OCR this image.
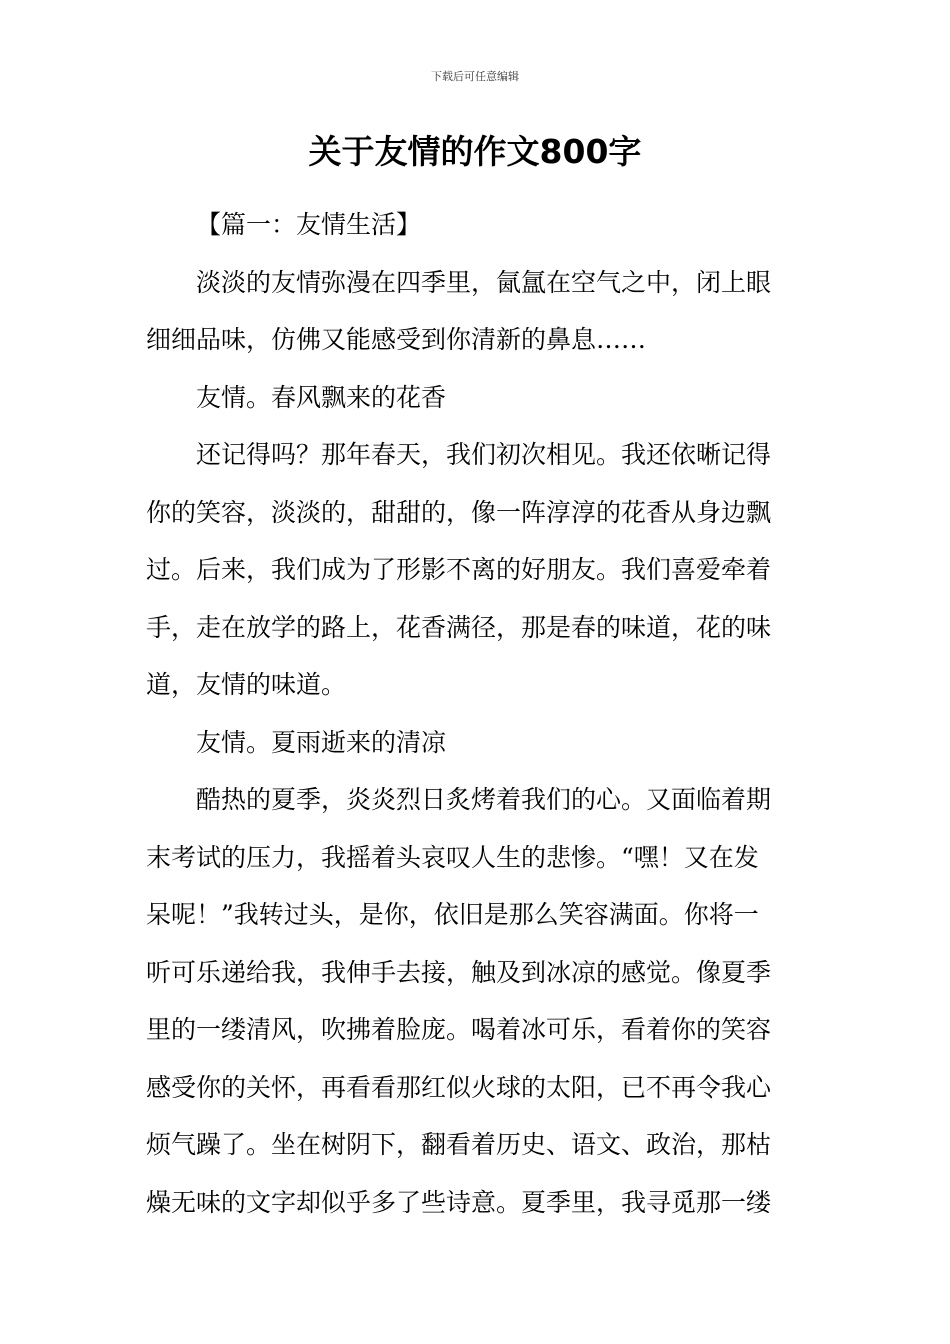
下载后可任意编辑
关于友情的作文800字
【篇一：友情生活】
淡淡的友情弥漫在四季里，氤氲在空气之中，闭上眼
细细品味，仿佛又能感受到你清新的鼻息……
友情。春风飘来的花香
还记得吗？那年春天，我们初次相见。我还依晰记得
你的笑容，淡淡的，甜甜的，像一阵淳淳的花香从身边飘
过。后来，我们成为了形影不离的好朋友。我们喜爱牵着
手，走在放学的路上，花香满径，那是春的味道，花的味
道，友情的味道。
友情。夏雨逝来的清凉
酷热的夏季，炎炎烈日炙烤着我们的心。又面临着期
末考试的压力，我摇着头哀叹人生的悲惨。“嘿！又在发
呆呢！”我转过头，是你，依旧是那么笑容满面。你将一
听可乐递给我，我伸手去接，触及到冰凉的感觉。像夏季
里的一缕清风，吹拂着脸庞。喝着冰可乐，看着你的笑容
感受你的关怀，再看看那红似火球的太阳，已不再令我心
烦气躁了。坐在树阴下，翻看着历史、语文、政治，那枯
燥无味的文字却似乎多了些诗意。夏季里，我寻觅那一缕
